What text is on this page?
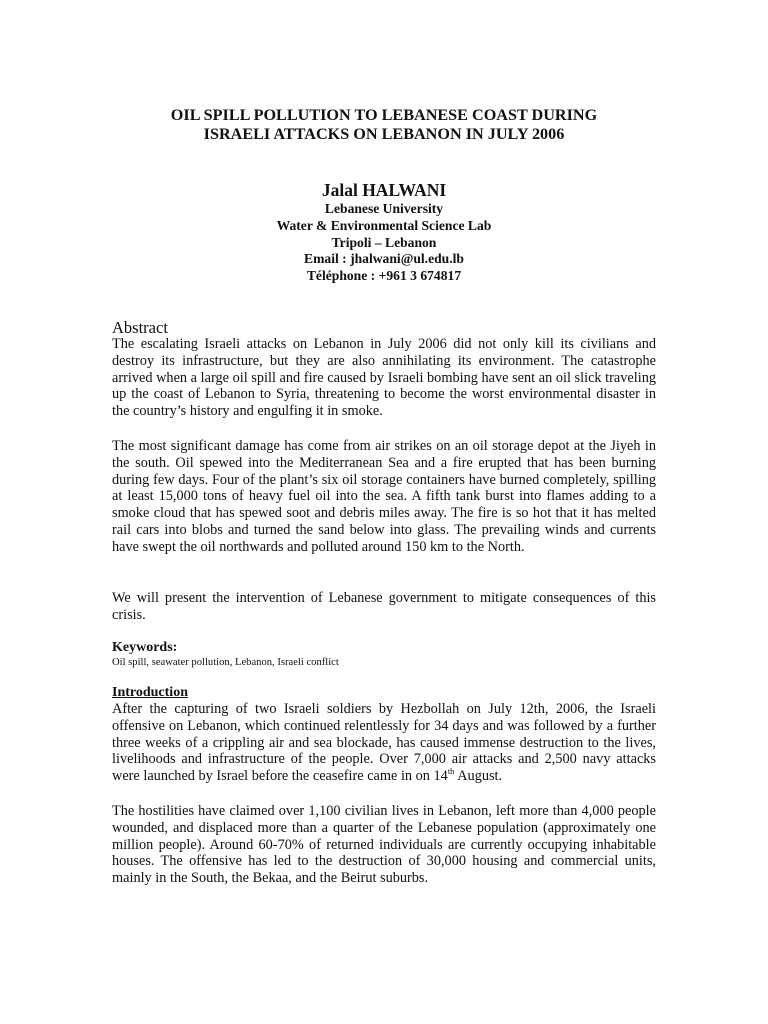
OIL SPILL POLLUTION TO LEBANESE COAST DURING
ISRAELI ATTACKS ON LEBANON IN JULY 2006
Jalal HALWANI
Lebanese University
Water & Environmental Science Lab
Tripoli – Lebanon
Email : jhalwani@ul.edu.lb
Téléphone : +961 3 674817
Abstract
The escalating Israeli attacks on Lebanon in July 2006 did not only kill its civilians and destroy its infrastructure, but they are also annihilating its environment. The catastrophe arrived when a large oil spill and fire caused by Israeli bombing have sent an oil slick traveling up the coast of Lebanon to Syria, threatening to become the worst environmental disaster in the country’s history and engulfing it in smoke.
The most significant damage has come from air strikes on an oil storage depot at the Jiyeh in the south. Oil spewed into the Mediterranean Sea and a fire erupted that has been burning during few days. Four of the plant’s six oil storage containers have burned completely, spilling at least 15,000 tons of heavy fuel oil into the sea. A fifth tank burst into flames adding to a smoke cloud that has spewed soot and debris miles away. The fire is so hot that it has melted rail cars into blobs and turned the sand below into glass. The prevailing winds and currents have swept the oil northwards and polluted around 150 km to the North.
We will present the intervention of Lebanese government to mitigate consequences of this crisis.
Keywords:
Oil spill, seawater pollution, Lebanon, Israeli conflict
Introduction
After the capturing of two Israeli soldiers by Hezbollah on July 12th, 2006, the Israeli offensive on Lebanon, which continued relentlessly for 34 days and was followed by a further three weeks of a crippling air and sea blockade, has caused immense destruction to the lives, livelihoods and infrastructure of the people. Over 7,000 air attacks and 2,500 navy attacks were launched by Israel before the ceasefire came in on 14th August.
The hostilities have claimed over 1,100 civilian lives in Lebanon, left more than 4,000 people wounded, and displaced more than a quarter of the Lebanese population (approximately one million people). Around 60-70% of returned individuals are currently occupying inhabitable houses. The offensive has led to the destruction of 30,000 housing and commercial units, mainly in the South, the Bekaa, and the Beirut suburbs.
